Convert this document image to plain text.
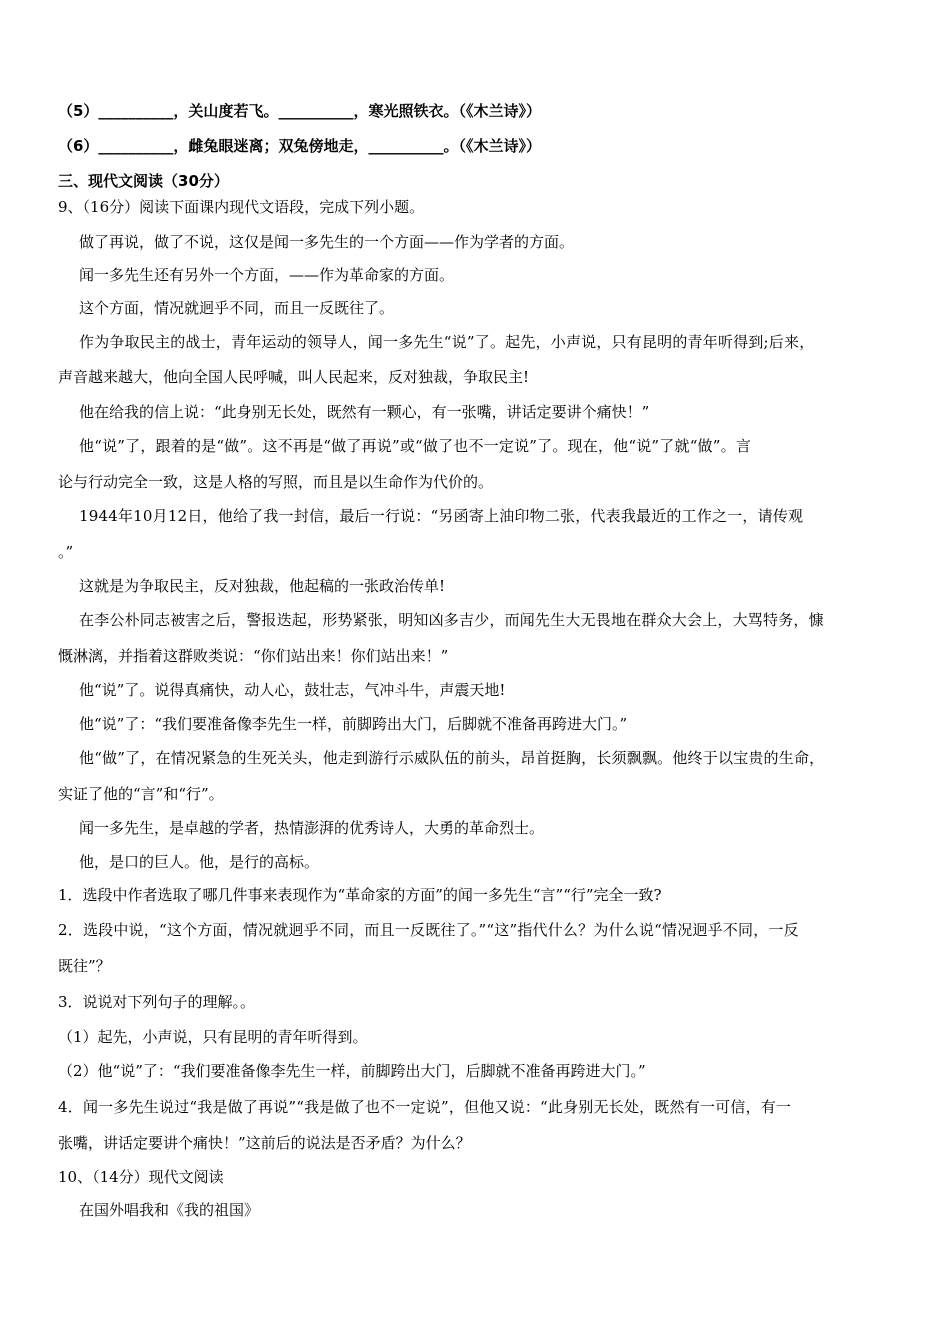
（5）__________，关山度若飞。__________，寒光照铁衣。（《木兰诗》）

（6）__________，雌兔眼迷离；双兔傍地走，__________。（《木兰诗》）

三、现代文阅读（30分）

9、（16分）阅读下面课内现代文语段，完成下列小题。

做了再说，做了不说，这仅是闻一多先生的一个方面——作为学者的方面。

闻一多先生还有另外一个方面，——作为革命家的方面。

这个方面，情况就迥乎不同，而且一反既往了。

作为争取民主的战士，青年运动的领导人，闻一多先生“说”了。起先，小声说，只有昆明的青年听得到;后来，

声音越来越大，他向全国人民呼喊，叫人民起来，反对独裁，争取民主!

他在给我的信上说：“此身别无长处，既然有一颗心，有一张嘴，讲话定要讲个痛快！”

他“说”了，跟着的是“做”。这不再是“做了再说”或“做了也不一定说”了。现在，他“说”了就“做”。言

论与行动完全一致，这是人格的写照，而且是以生命作为代价的。

1944年10月12日，他给了我一封信，最后一行说：“另函寄上油印物二张，代表我最近的工作之一，请传观

。”

这就是为争取民主，反对独裁，他起稿的一张政治传单!

在李公朴同志被害之后，警报迭起，形势紧张，明知凶多吉少，而闻先生大无畏地在群众大会上，大骂特务，慷

慨淋漓，并指着这群败类说：“你们站出来！你们站出来！”

他“说”了。说得真痛快，动人心，鼓壮志，气冲斗牛，声震天地!

他“说”了：“我们要准备像李先生一样，前脚跨出大门，后脚就不准备再跨进大门。”

他“做”了，在情况紧急的生死关头，他走到游行示威队伍的前头，昂首挺胸，长须飘飘。他终于以宝贵的生命，

实证了他的“言”和“行”。

闻一多先生，是卓越的学者，热情澎湃的优秀诗人，大勇的革命烈士。

他，是口的巨人。他，是行的高标。

1．选段中作者选取了哪几件事来表现作为“革命家的方面”的闻一多先生“言”“行”完全一致?

2．选段中说，“这个方面，情况就迥乎不同，而且一反既往了。”“这”指代什么？为什么说“情况迥乎不同，一反

既往”？

3．说说对下列句子的理解。。

（1）起先，小声说，只有昆明的青年听得到。

（2）他“说”了：“我们要准备像李先生一样，前脚跨出大门，后脚就不准备再跨进大门。”

4．闻一多先生说过“我是做了再说”“我是做了也不一定说”，但他又说：“此身别无长处，既然有一可信，有一

张嘴，讲话定要讲个痛快！”这前后的说法是否矛盾？为什么？

10、（14分）现代文阅读

在国外唱我和《我的祖国》
